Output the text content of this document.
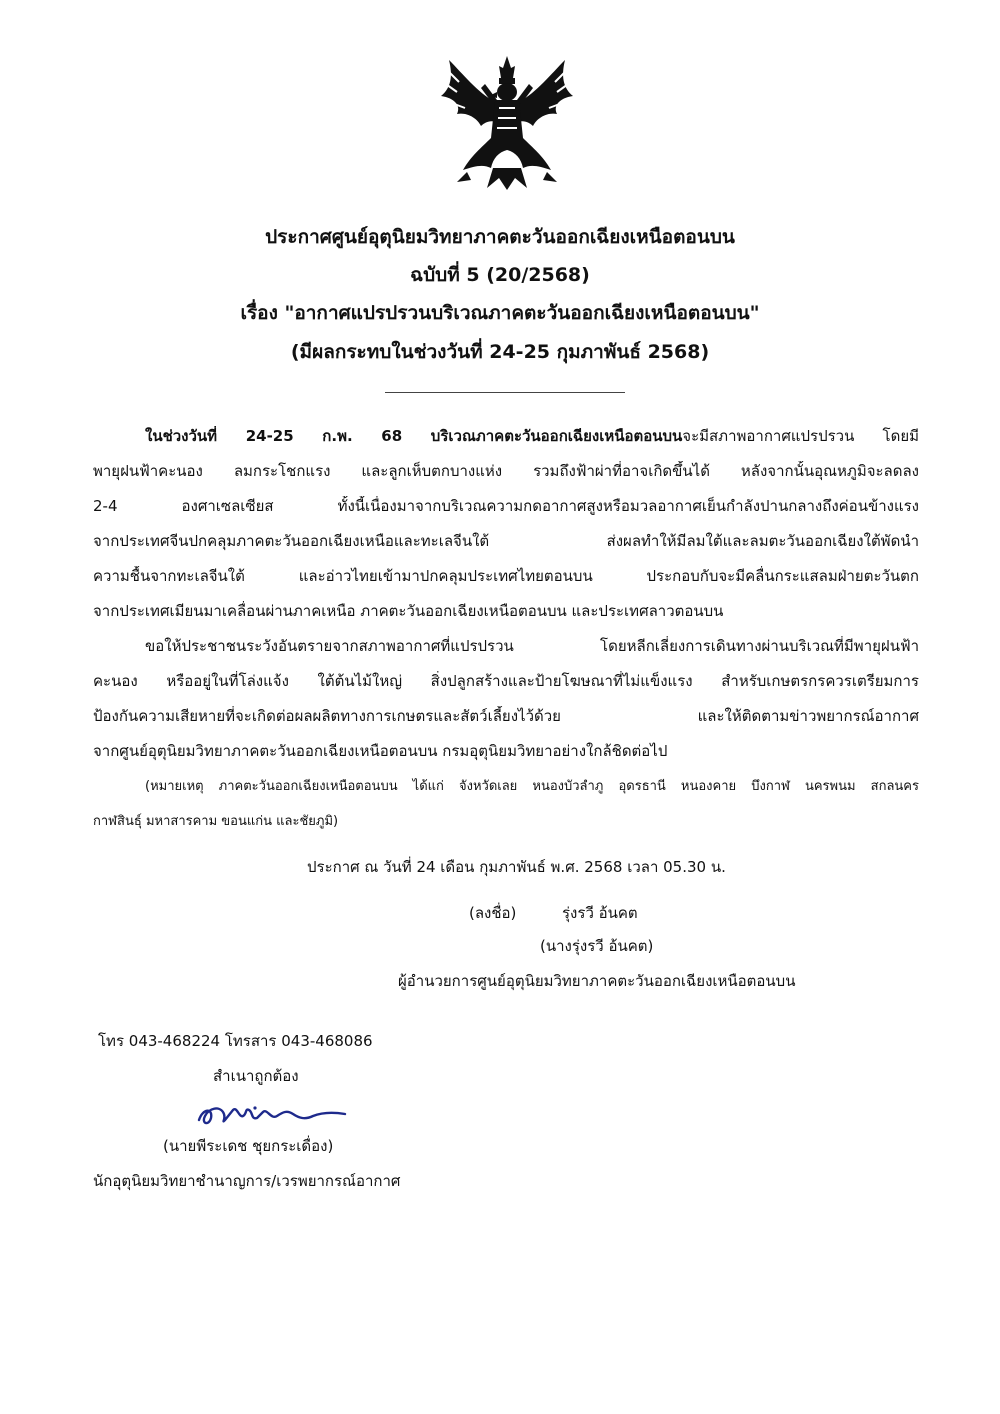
ประกาศศูนย์อุตุนิยมวิทยาภาคตะวันออกเฉียงเหนือตอนบน
ฉบับที่ 5 (20/2568)
เรื่อง "อากาศแปรปรวนบริเวณภาคตะวันออกเฉียงเหนือตอนบน"
(มีผลกระทบในช่วงวันที่ 24-25 กุมภาพันธ์ 2568)
ในช่วงวันที่ 24-25 ก.พ. 68 บริเวณภาคตะวันออกเฉียงเหนือตอนบนจะมีสภาพอากาศแปรปรวน โดยมี
พายุฝนฟ้าคะนอง ลมกระโชกแรง และลูกเห็บตกบางแห่ง รวมถึงฟ้าผ่าที่อาจเกิดขึ้นได้ หลังจากนั้นอุณหภูมิจะลดลง
2-4 องศาเซลเซียส ทั้งนี้เนื่องมาจากบริเวณความกดอากาศสูงหรือมวลอากาศเย็นกำลังปานกลางถึงค่อนข้างแรง
จากประเทศจีนปกคลุมภาคตะวันออกเฉียงเหนือและทะเลจีนใต้ ส่งผลทำให้มีลมใต้และลมตะวันออกเฉียงใต้พัดนำ
ความชื้นจากทะเลจีนใต้ และอ่าวไทยเข้ามาปกคลุมประเทศไทยตอนบน ประกอบกับจะมีคลื่นกระแสลมฝ่ายตะวันตก
จากประเทศเมียนมาเคลื่อนผ่านภาคเหนือ ภาคตะวันออกเฉียงเหนือตอนบน และประเทศลาวตอนบน
ขอให้ประชาชนระวังอันตรายจากสภาพอากาศที่แปรปรวน โดยหลีกเลี่ยงการเดินทางผ่านบริเวณที่มีพายุฝนฟ้า
คะนอง หรืออยู่ในที่โล่งแจ้ง ใต้ต้นไม้ใหญ่ สิ่งปลูกสร้างและป้ายโฆษณาที่ไม่แข็งแรง สำหรับเกษตรกรควรเตรียมการ
ป้องกันความเสียหายที่จะเกิดต่อผลผลิตทางการเกษตรและสัตว์เลี้ยงไว้ด้วย และให้ติดตามข่าวพยากรณ์อากาศ
จากศูนย์อุตุนิยมวิทยาภาคตะวันออกเฉียงเหนือตอนบน กรมอุตุนิยมวิทยาอย่างใกล้ชิดต่อไป
(หมายเหตุ ภาคตะวันออกเฉียงเหนือตอนบน ได้แก่ จังหวัดเลย หนองบัวลำภู อุดรธานี หนองคาย บึงกาฬ นครพนม สกลนคร
กาฬสินธุ์ มหาสารคาม ขอนแก่น และชัยภูมิ)
ประกาศ ณ วันที่ 24 เดือน กุมภาพันธ์ พ.ศ. 2568 เวลา 05.30 น.
(ลงชื่อ)	รุ่งรวี อ้นคต
(นางรุ่งรวี อ้นคต)
ผู้อำนวยการศูนย์อุตุนิยมวิทยาภาคตะวันออกเฉียงเหนือตอนบน
โทร 043-468224 โทรสาร 043-468086
สำเนาถูกต้อง
(นายพีระเดช ชุยกระเดื่อง)
นักอุตุนิยมวิทยาชำนาญการ/เวรพยากรณ์อากาศ
